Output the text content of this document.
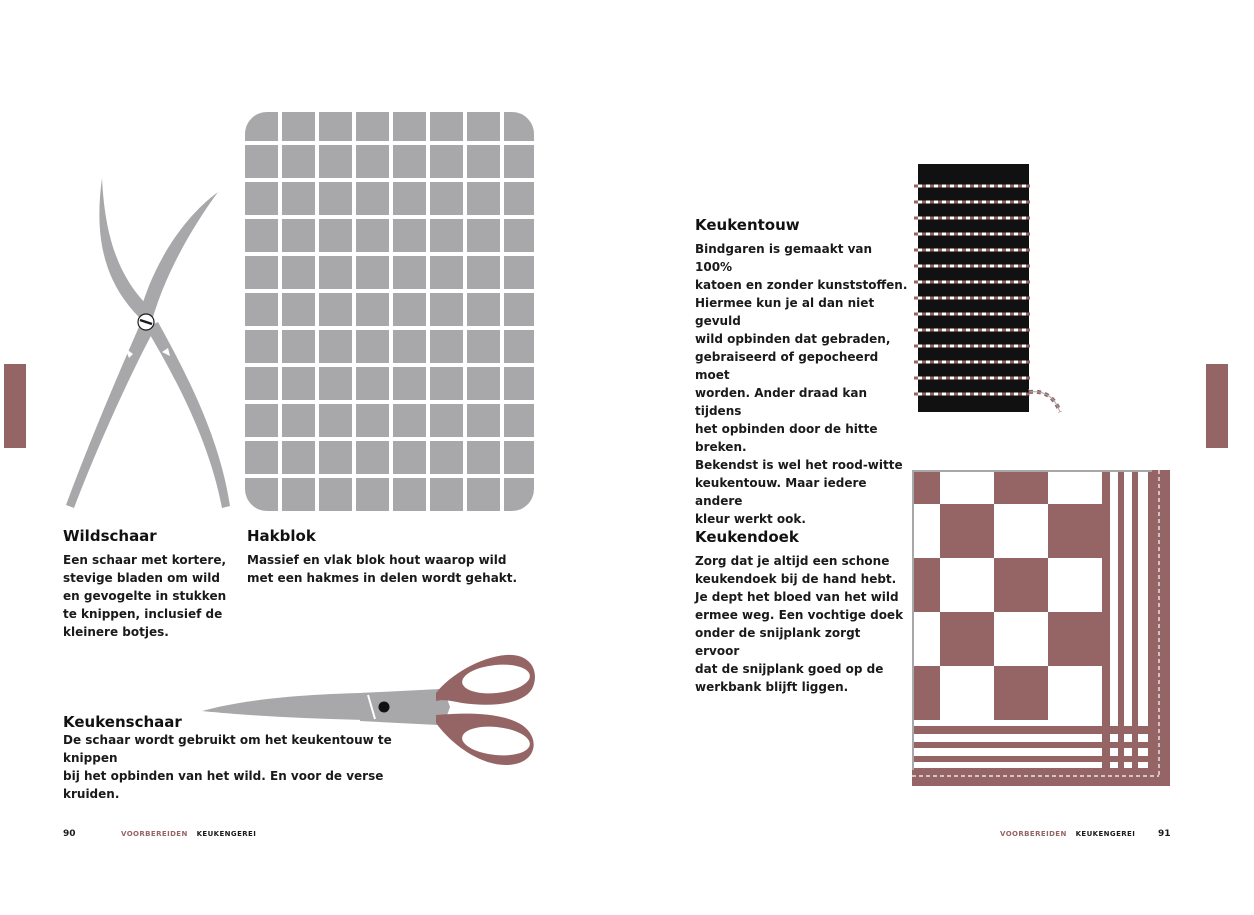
Wildschaar
Een schaar met kortere,
stevige bladen om wild
en gevogelte in stukken
te knippen, inclusief de
kleinere botjes.
Hakblok
Massief en vlak blok hout waarop wild
met een hakmes in delen wordt gehakt.
Keukenschaar
De schaar wordt gebruikt om het keukentouw te knippen
bij het opbinden van het wild. En voor de verse kruiden.
90	VOORBEREIDEN KEUKENGEREI
Keukentouw
Bindgaren is gemaakt van 100%
katoen en zonder kunststoffen.
Hiermee kun je al dan niet gevuld
wild opbinden dat gebraden,
gebraiseerd of gepocheerd moet
worden. Ander draad kan tijdens
het opbinden door de hitte breken.
Bekendst is wel het rood-witte
keukentouw. Maar iedere andere
kleur werkt ook.
Keukendoek
Zorg dat je altijd een schone
keukendoek bij de hand hebt.
Je dept het bloed van het wild
ermee weg. Een vochtige doek
onder de snijplank zorgt ervoor
dat de snijplank goed op de
werkbank blijft liggen.
VOORBEREIDEN KEUKENGEREI	91
